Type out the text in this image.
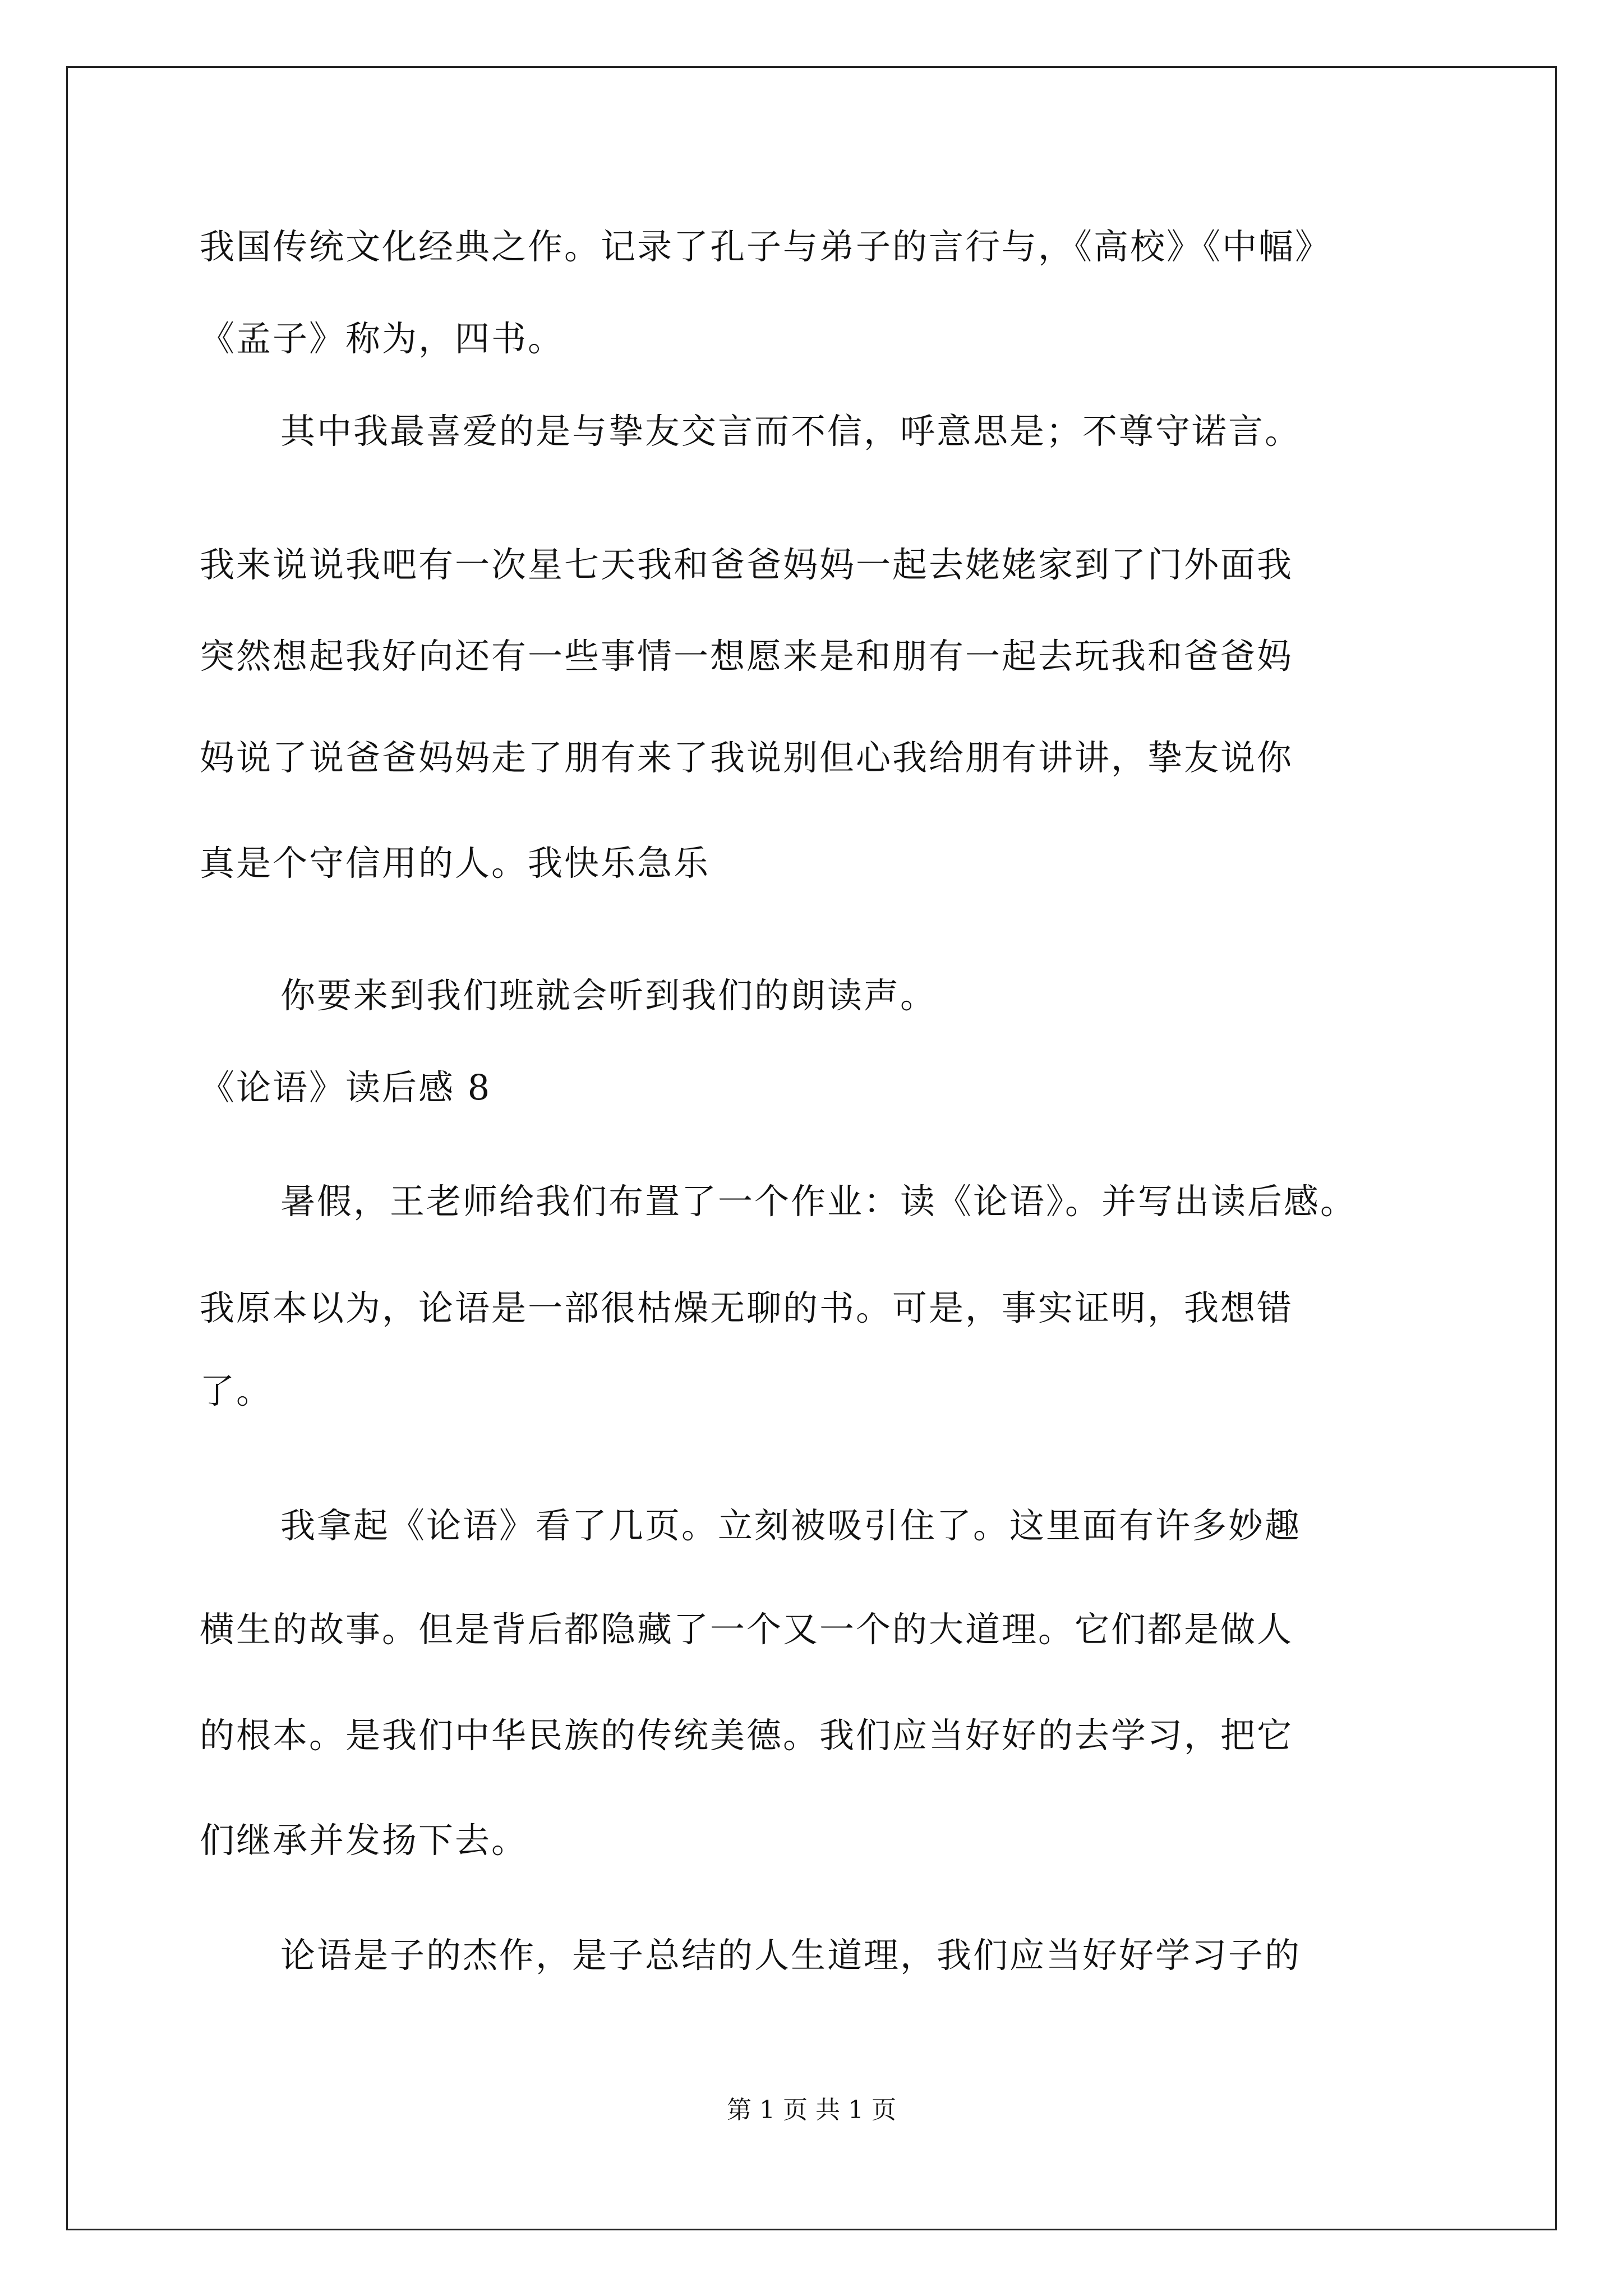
我国传统文化经典之作。记录了孔子与弟子的言行与，《高校》《中幅》
《孟子》称为，四书。
其中我最喜爱的是与挚友交言而不信，呼意思是；不尊守诺言。
我来说说我吧有一次星七天我和爸爸妈妈一起去姥姥家到了门外面我
突然想起我好向还有一些事情一想愿来是和朋有一起去玩我和爸爸妈
妈说了说爸爸妈妈走了朋有来了我说别但心我给朋有讲讲，挚友说你
真是个守信用的人。我快乐急乐
你要来到我们班就会听到我们的朗读声。
《论语》读后感 8
暑假，王老师给我们布置了一个作业：读《论语》。并写出读后感。
我原本以为，论语是一部很枯燥无聊的书。可是，事实证明，我想错
了。
我拿起《论语》看了几页。立刻被吸引住了。这里面有许多妙趣
横生的故事。但是背后都隐藏了一个又一个的大道理。它们都是做人
的根本。是我们中华民族的传统美德。我们应当好好的去学习，把它
们继承并发扬下去。
论语是子的杰作，是子总结的人生道理，我们应当好好学习子的
第 1 页 共 1 页
